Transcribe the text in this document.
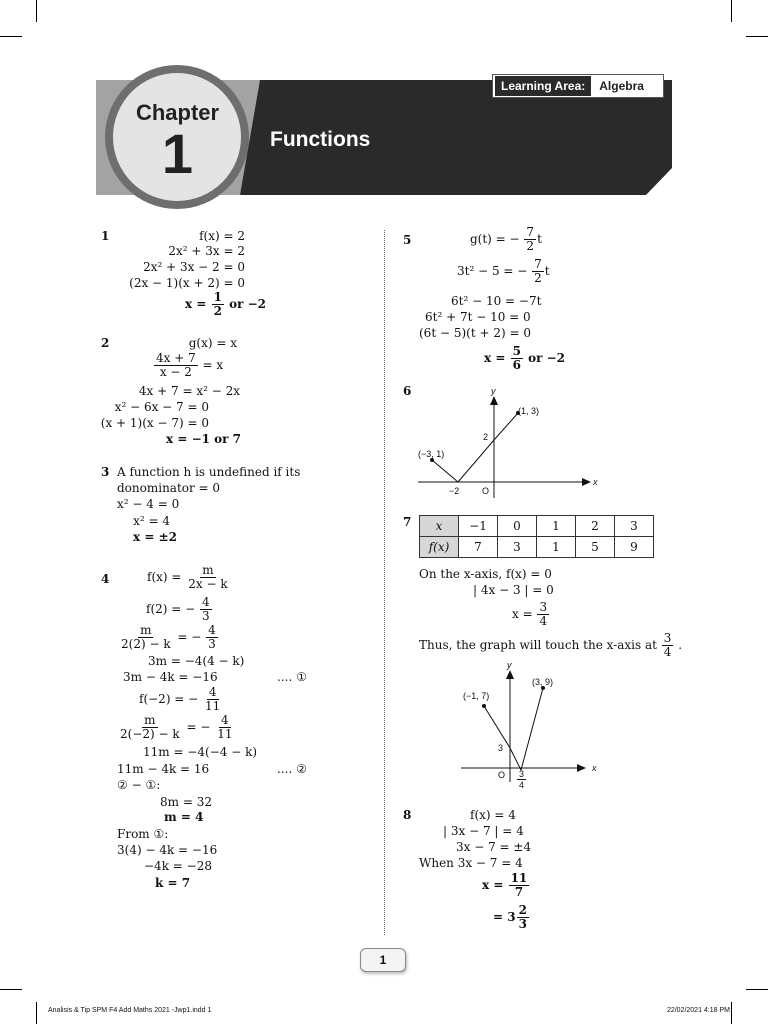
Chapter
1	Functions
Learning Area:	Algebra
1	f(x) = 2
2x² + 3x = 2
2x² + 3x − 2 = 0
(2x − 1)(x + 2) = 0
$x = \frac{1}{2}$ or −2
2	g(x) = x
$\frac{4x + 7}{x - 2} = x$
4x + 7 = x² − 2x
x² − 6x − 7 = 0
(x + 1)(x − 7) = 0
x = −1 or 7
3 A function h is undefined if its
donominator = 0
x² − 4 = 0
x² = 4
x = ±2
4	$f(x) = \frac{m}{2x - k}$
f(2) = − $\frac{4}{3}$
$\frac{m}{2(2) - k}$ = − $\frac{4}{3}$
3m = −4(4 − k)
3m − 4k = −16	.... ①
f(−2) = − $\frac{4}{11}$
$\frac{m}{2(-2) - k}$ = − $\frac{4}{11}$
11m = −4(−4 − k)
11m − 4k = 16	.... ②
② − ①:
8m = 32
m = 4
From ①:
3(4) − 4k = −16
−4k = −28
k = 7
5	g(t) = − $\frac{7}{2}$ t
3t² − 5 = − $\frac{7}{2}$ t
6t² − 10 = −7t
6t² + 7t − 10 = 0
(6t − 5)(t + 2) = 0
$x = \frac{5}{6}$ or −2
6	y
x
O
(1, 3)
(−3, 1)
2
−2
7 x	−1	0	1	2	3
f(x)	7	3	1	5	9
On the x-axis, f(x) = 0
| 4x − 3 | = 0
$x = \frac{3}{4}$
Thus, the graph will touch the x-axis at $\frac{3}{4}$ .
y
x
O
(−1, 7)
(3, 9)
3
$\frac{3}{4}$
8	f(x) = 4
| 3x − 7 | = 4
3x − 7 = ±4
When 3x − 7 = 4
$x = \frac{11}{7}$
= $3 \frac{2}{3}$
1
Analisis & Tip SPM F4 Add Maths 2021 -Jwp1.indd 1	22/02/2021 4:18 PM
